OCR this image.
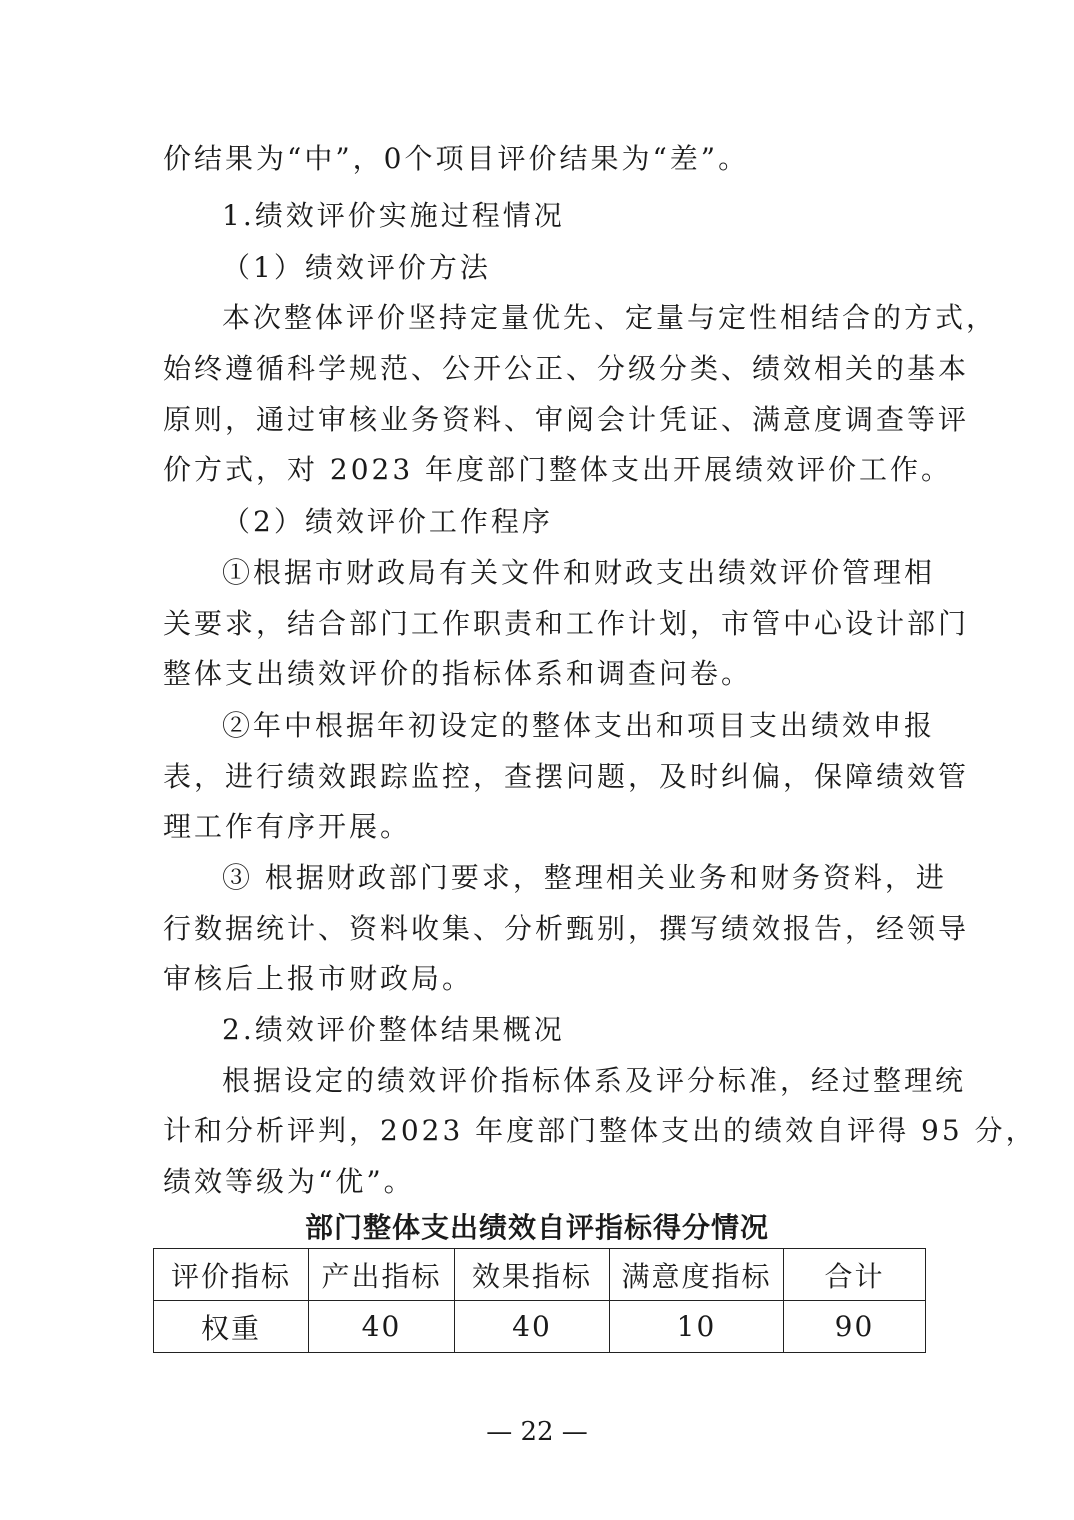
价结果为“中”，0个项目评价结果为“差”。
1.绩效评价实施过程情况
（1）绩效评价方法
本次整体评价坚持定量优先、定量与定性相结合的方式，
始终遵循科学规范、公开公正、分级分类、绩效相关的基本
原则，通过审核业务资料、审阅会计凭证、满意度调查等评
价方式，对 2023 年度部门整体支出开展绩效评价工作。
（2）绩效评价工作程序
①根据市财政局有关文件和财政支出绩效评价管理相
关要求，结合部门工作职责和工作计划，市管中心设计部门
整体支出绩效评价的指标体系和调查问卷。
②年中根据年初设定的整体支出和项目支出绩效申报
表，进行绩效跟踪监控，查摆问题，及时纠偏，保障绩效管
理工作有序开展。
③ 根据财政部门要求，整理相关业务和财务资料，进
行数据统计、资料收集、分析甄别，撰写绩效报告，经领导
审核后上报市财政局。
2.绩效评价整体结果概况
根据设定的绩效评价指标体系及评分标准，经过整理统
计和分析评判，2023 年度部门整体支出的绩效自评得 95 分，
绩效等级为“优”。
部门整体支出绩效自评指标得分情况
评价指标	产出指标	效果指标	满意度指标	合计
权重	40	40	10	90
— 22 —
